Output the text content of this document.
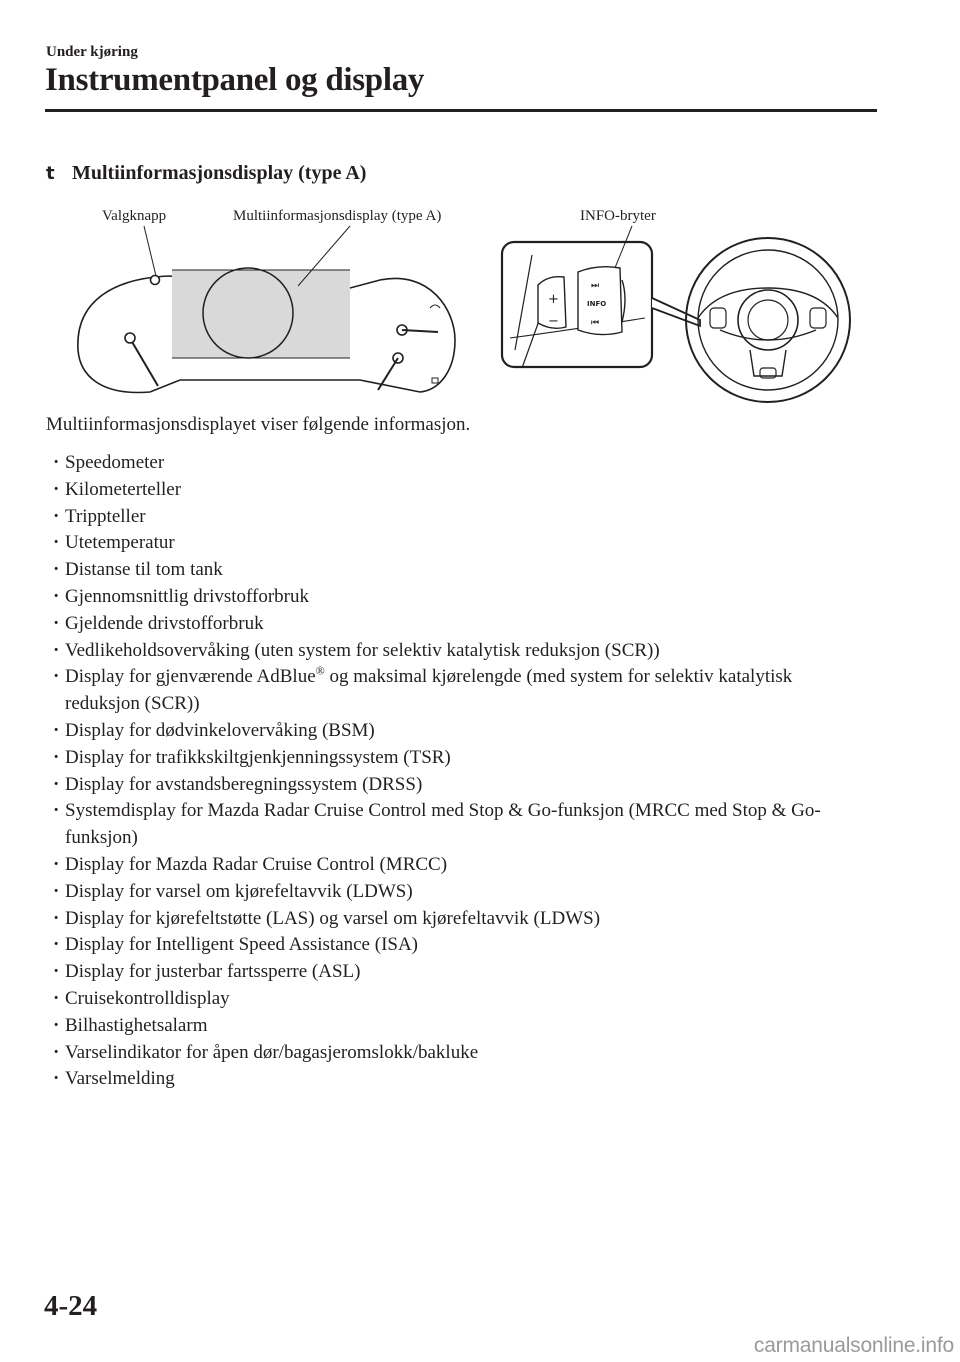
Under kjøring
Instrumentpanel og display
t Multiinformasjonsdisplay (type A)
Valgknapp	Multiinformasjonsdisplay (type A)	INFO-bryter
+
−
⏭
INFO
⏮
Multiinformasjonsdisplayet viser følgende informasjon.
· Speedometer
· Kilometerteller
· Trippteller
· Utetemperatur
· Distanse til tom tank
· Gjennomsnittlig drivstofforbruk
· Gjeldende drivstofforbruk
· Vedlikeholdsovervåking (uten system for selektiv katalytisk reduksjon (SCR))
· Display for gjenværende AdBlue® og maksimal kjørelengde (med system for selektiv katalytisk reduksjon (SCR))
· Display for dødvinkelovervåking (BSM)
· Display for trafikkskiltgjenkjenningssystem (TSR)
· Display for avstandsberegningssystem (DRSS)
· Systemdisplay for Mazda Radar Cruise Control med Stop & Go-funksjon (MRCC med Stop & Go-funksjon)
· Display for Mazda Radar Cruise Control (MRCC)
· Display for varsel om kjørefeltavvik (LDWS)
· Display for kjørefeltstøtte (LAS) og varsel om kjørefeltavvik (LDWS)
· Display for Intelligent Speed Assistance (ISA)
· Display for justerbar fartssperre (ASL)
· Cruisekontrolldisplay
· Bilhastighetsalarm
· Varselindikator for åpen dør/bagasjeromslokk/bakluke
· Varselmelding
4-24
carmanualsonline.info
